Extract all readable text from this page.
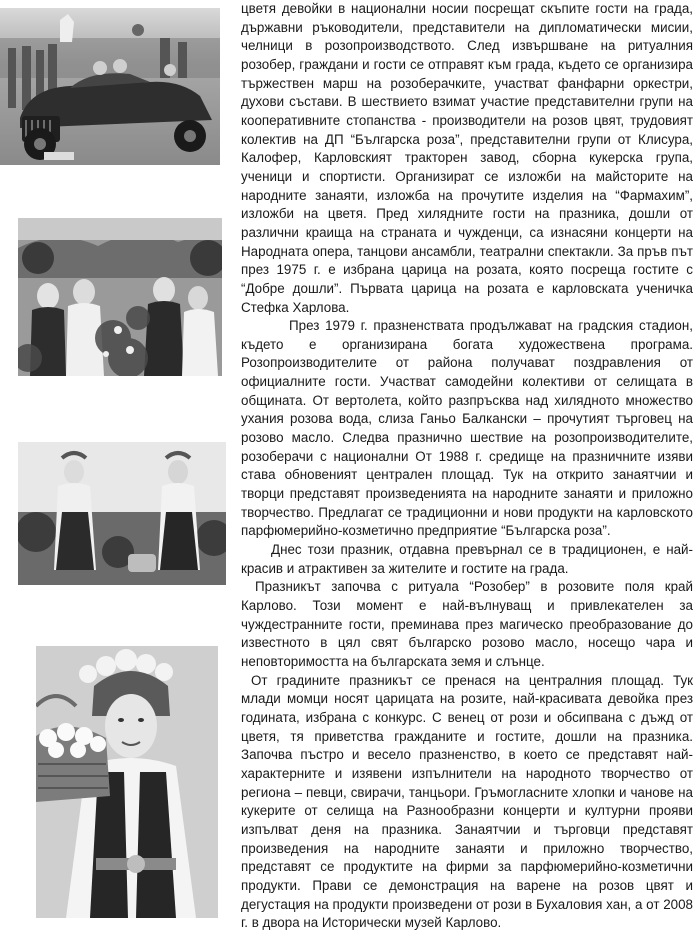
цветя девойки в национални носии посрещат скъпите гости на града, държавни ръководители, представители на дипломатически мисии, челници в розопроизводството. След извършване на ритуалния розобер, граждани и гости се отправят към града, където се организира тържествен марш на розоберачките, участват фанфарни оркестри, духови състави. В шествието взимат участие представителни групи на кооперативните стопанства - производители на розов цвят, трудовият колектив на ДП “Българска роза”, представителни групи от Клисура, Калофер, Карловският тракторен завод, сборна кукерска група, ученици и спортисти. Организират се изложби на майсторите на народните занаяти, изложба на прочутите изделия на “Фармахим”, изложби на цветя. Пред хилядните гости на празника, дошли от различни краища на страната и чужденци, са изнасяни концерти на Народната опера, танцови ансамбли, театрални спектакли. За пръв път през 1975 г. е избрана царица на розата, която посреща гостите с “Добре дошли”. Първата царица на розата е карловската ученичка Стефка Харлова.

През 1979 г. празненствата продължават на градския стадион, където е организирана богата художествена програма. Розопроизводителите от района получават поздравления от официалните гости. Участват самодейни колективи от селищата в общината. От вертолета, който разпръсква над хилядното множество ухания розова вода, слиза Ганьо Балкански – прочутият търговец на розово масло. Следва празнично шествие на розопроизводителите, розоберачи с национални От 1988 г. средище на празничните изяви става обновеният централен площад. Тук на открито занаятчии и творци представят произведенията на народните занаяти и приложно творчество. Предлагат се традиционни и нови продукти на карловското парфюмерийно-козметично предприятие “Българска роза”.

Днес този празник, отдавна превърнал се в традиционен, е най-красив и атрактивен за жителите и гостите на града.

Празникът започва с ритуала “Розобер” в розовите поля край Карлово. Този момент е най-вълнуващ и привлекателен за чуждестранните гости, преминава през магическо преобразование до известното в цял свят българско розово масло, носещо чара и неповторимостта на българската земя и слънце.

От градините празникът се пренася на централния площад. Тук млади момци носят царицата на розите, най-красивата девойка през годината, избрана с конкурс. С венец от рози и обсипвана с дъжд от цветя, тя приветства гражданите и гостите, дошли на празника. Започва пъстро и весело празненство, в което се представят най-характерните и изявени изпълнители на народното творчество от региона – певци, свирачи, танцьори. Гръмогласните хлопки и чанове на кукерите от селища на Разнообразни концерти и културни прояви изпълват деня на празника. Занаятчии и търговци представят произведения на народните занаяти и приложно творчество, представят се продуктите на фирми за парфюмерийно-козметични продукти. Прави се демонстрация на варене на розов цвят и дегустация на продукти произведени от рози в Бухаловия хан, а от 2008 г. в двора на Исторически музей Карлово.
